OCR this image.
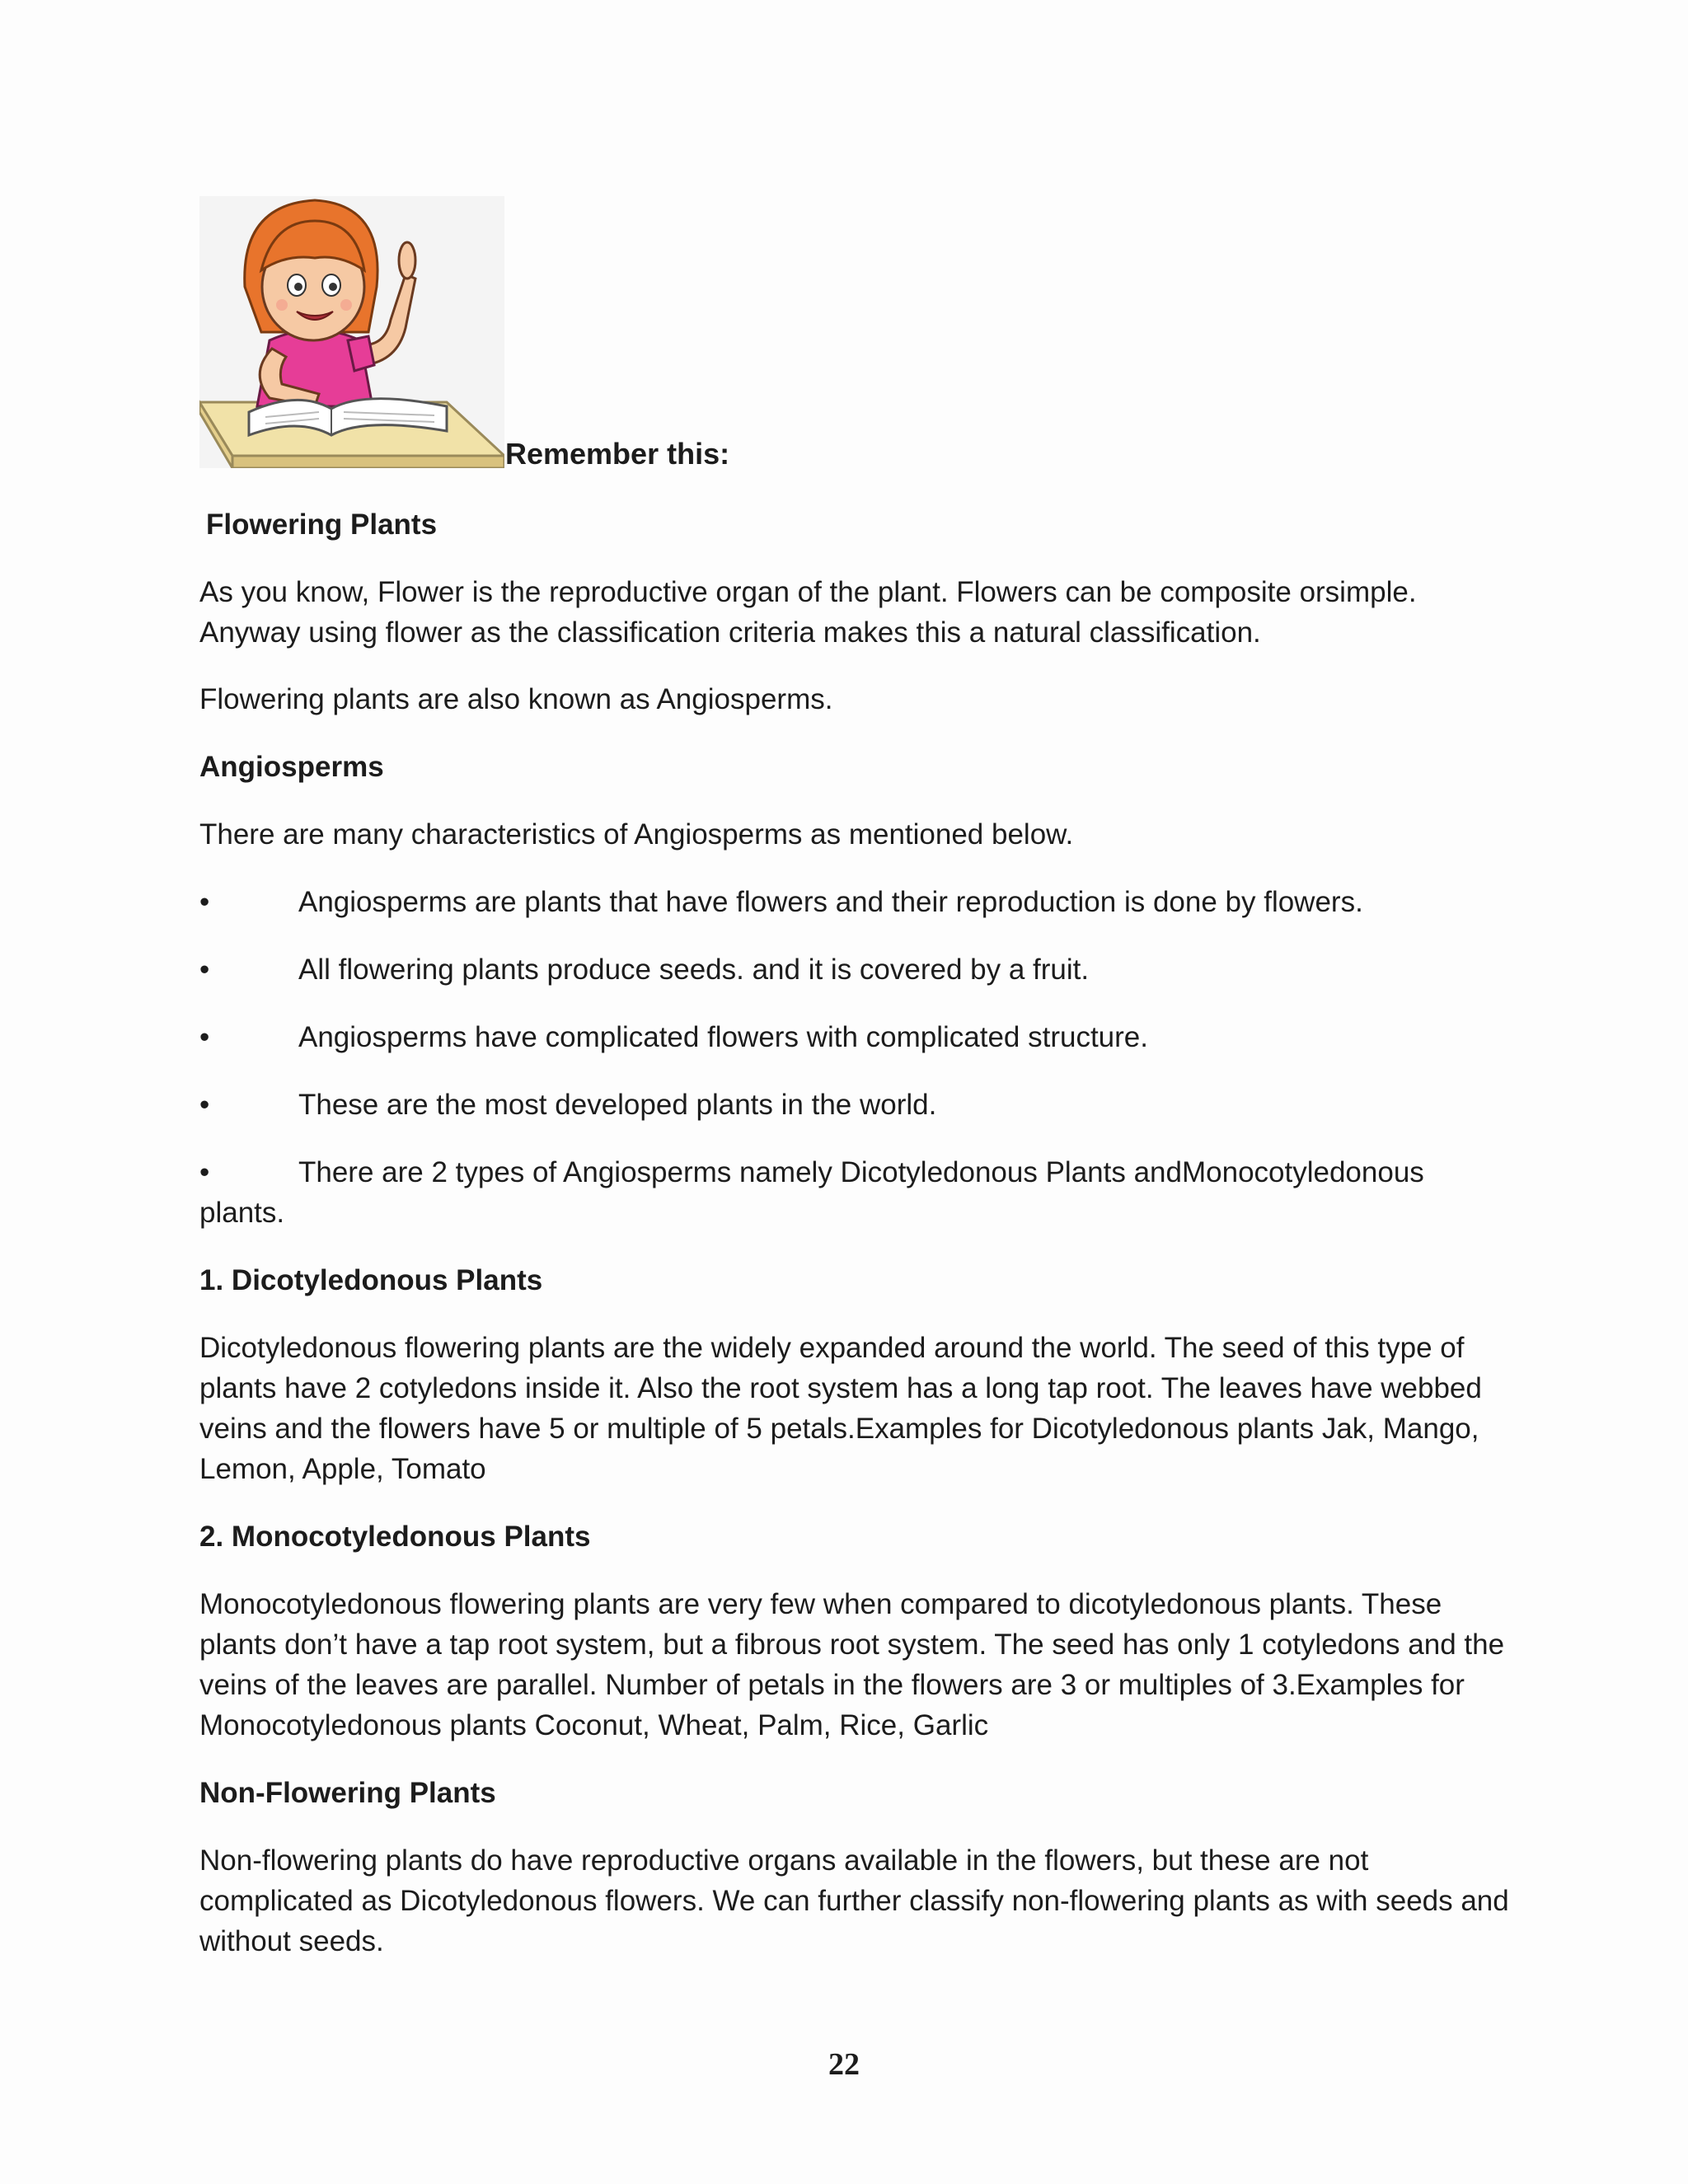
Remember this:

Flowering Plants

As you know, Flower is the reproductive organ of the plant. Flowers can be composite orsimple. Anyway using flower as the classification criteria makes this a natural classification.

Flowering plants are also known as Angiosperms.

Angiosperms

There are many characteristics of Angiosperms as mentioned below.

•	Angiosperms are plants that have flowers and their reproduction is done by flowers.
•	All flowering plants produce seeds. and it is covered by a fruit.
•	Angiosperms have complicated flowers with complicated structure.
•	These are the most developed plants in the world.
•	There are 2 types of Angiosperms namely Dicotyledonous Plants andMonocotyledonous
plants.

1. Dicotyledonous Plants

Dicotyledonous flowering plants are the widely expanded around the world. The seed of this type of plants have 2 cotyledons inside it. Also the root system has a long tap root. The leaves have webbed veins and the flowers have 5 or multiple of 5 petals.Examples for Dicotyledonous plants Jak, Mango, Lemon, Apple, Tomato

2. Monocotyledonous Plants

Monocotyledonous flowering plants are very few when compared to dicotyledonous plants. These plants don’t have a tap root system, but a fibrous root system. The seed has only 1 cotyledons and the veins of the leaves are parallel. Number of petals in the flowers are 3 or multiples of 3.Examples for Monocotyledonous plants Coconut, Wheat, Palm, Rice, Garlic

Non-Flowering Plants

Non-flowering plants do have reproductive organs available in the flowers, but these are not complicated as Dicotyledonous flowers. We can further classify non-flowering plants as with seeds and without seeds.

22
